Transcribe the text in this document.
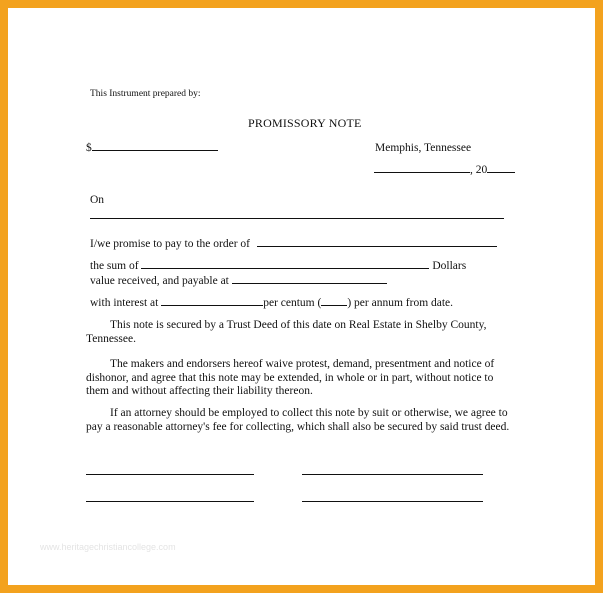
This Instrument prepared by:
PROMISSORY NOTE
$	Memphis, Tennessee
, 20
On
I/we promise to pay to the order of
the sum of	Dollars
value received, and payable at
with interest at	per centum ( ) per annum from date.
This note is secured by a Trust Deed of this date on Real Estate in Shelby County, Tennessee.
The makers and endorsers hereof waive protest, demand, presentment and notice of dishonor, and agree that this note may be extended, in whole or in part, without notice to them and without affecting their liability thereon.
If an attorney should be employed to collect this note by suit or otherwise, we agree to pay a reasonable attorney's fee for collecting, which shall also be secured by said trust deed.
www.heritagechristiancollege.com
